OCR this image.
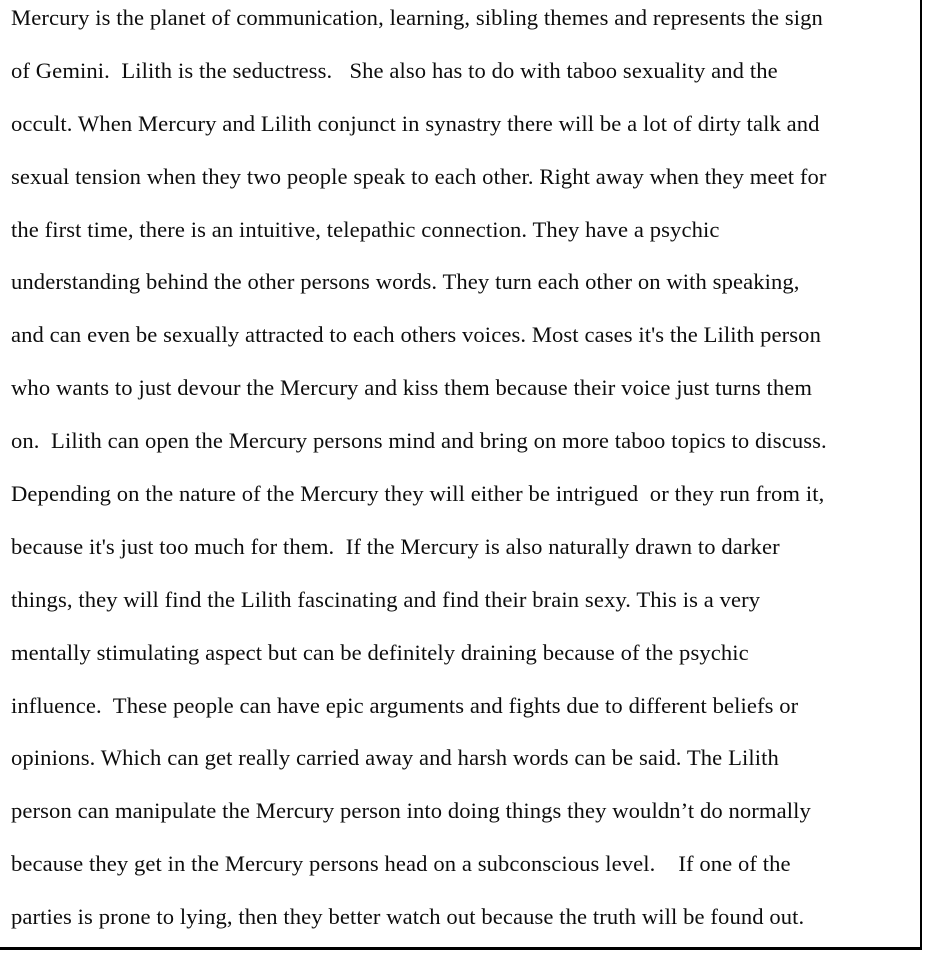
Mercury is the planet of communication, learning, sibling themes and represents the sign
of Gemini.  Lilith is the seductress.   She also has to do with taboo sexuality and the
occult. When Mercury and Lilith conjunct in synastry there will be a lot of dirty talk and
sexual tension when they two people speak to each other. Right away when they meet for
the first time, there is an intuitive, telepathic connection. They have a psychic
understanding behind the other persons words. They turn each other on with speaking,
and can even be sexually attracted to each others voices. Most cases it's the Lilith person
who wants to just devour the Mercury and kiss them because their voice just turns them
on.  Lilith can open the Mercury persons mind and bring on more taboo topics to discuss.
Depending on the nature of the Mercury they will either be intrigued  or they run from it,
because it's just too much for them.  If the Mercury is also naturally drawn to darker
things, they will find the Lilith fascinating and find their brain sexy. This is a very
mentally stimulating aspect but can be definitely draining because of the psychic
influence.  These people can have epic arguments and fights due to different beliefs or
opinions. Which can get really carried away and harsh words can be said. The Lilith
person can manipulate the Mercury person into doing things they wouldn’t do normally
because they get in the Mercury persons head on a subconscious level.    If one of the
parties is prone to lying, then they better watch out because the truth will be found out.
